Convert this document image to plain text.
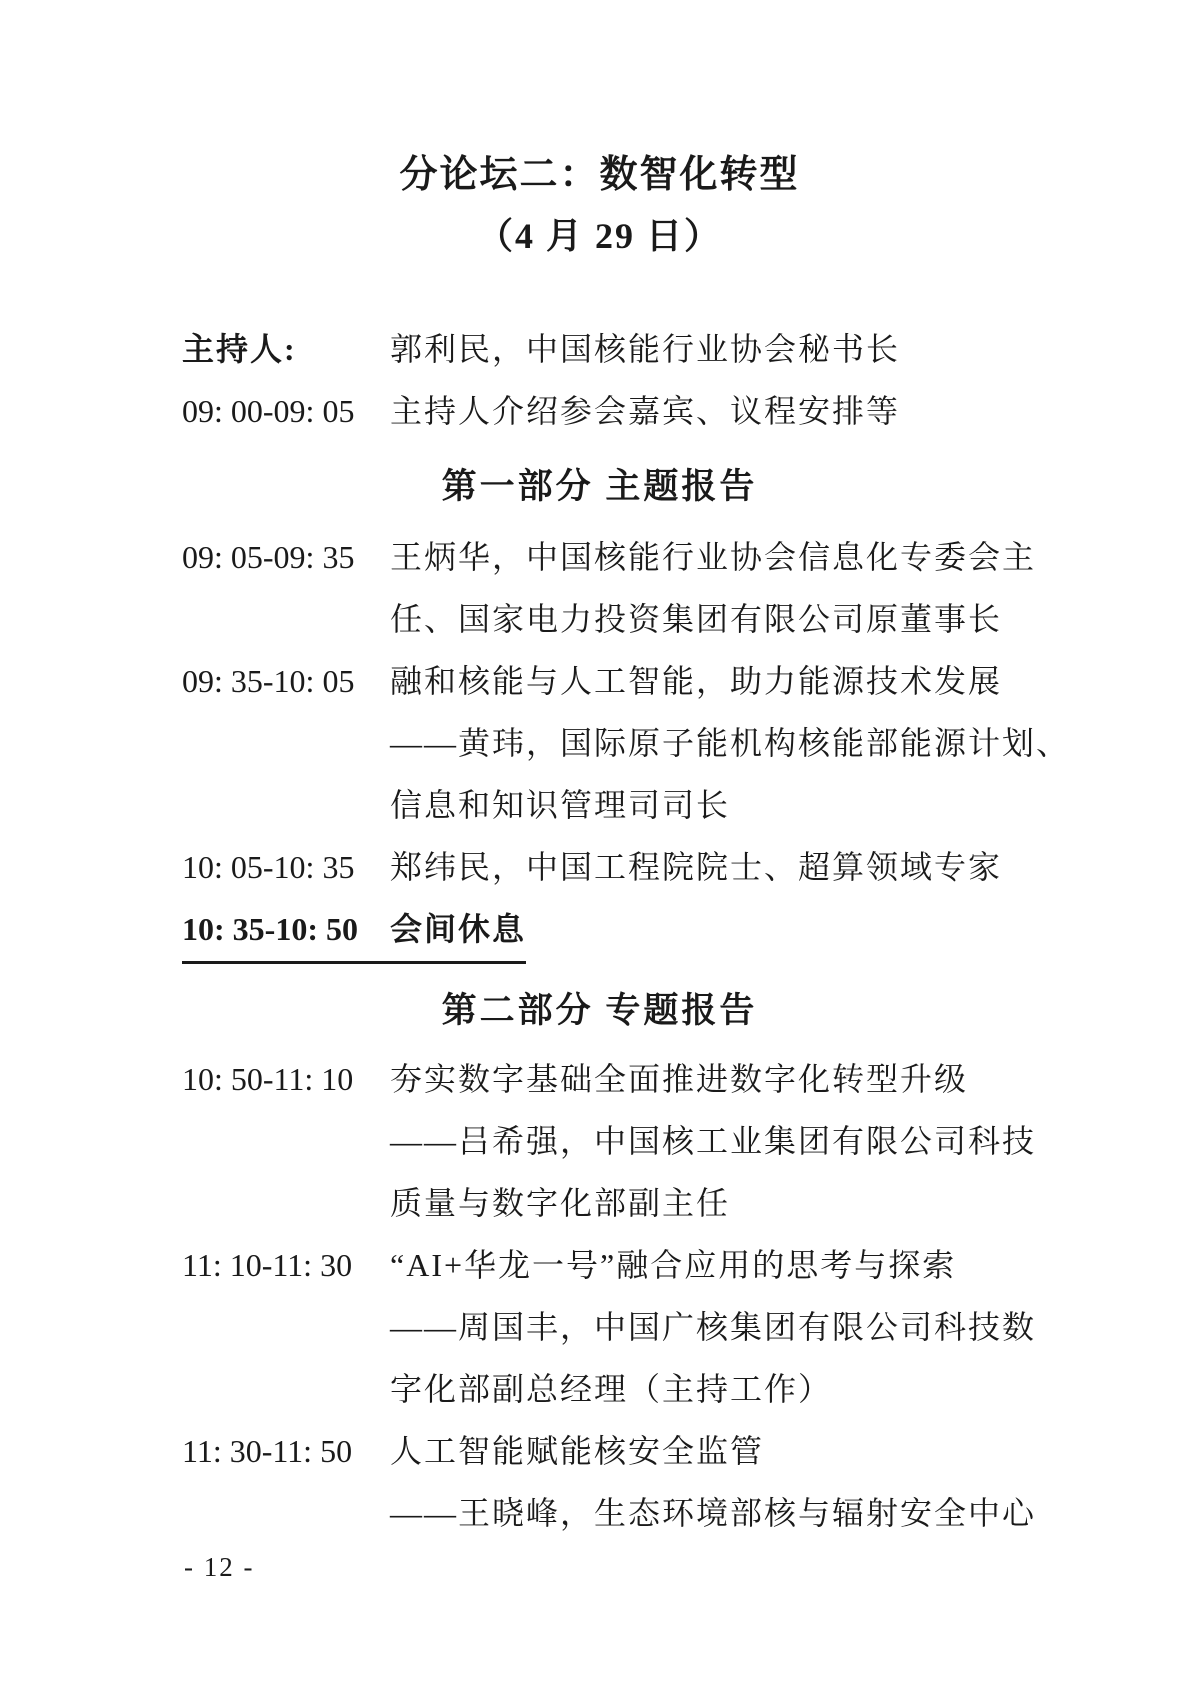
分论坛二：数智化转型
（4 月 29 日）
主持人:	郭利民，中国核能行业协会秘书长
09: 00-09: 05	主持人介绍参会嘉宾、议程安排等
第一部分 主题报告
09: 05-09: 35	王炳华，中国核能行业协会信息化专委会主
任、国家电力投资集团有限公司原董事长
09: 35-10: 05	融和核能与人工智能，助力能源技术发展
——黄玮，国际原子能机构核能部能源计划、
信息和知识管理司司长
10: 05-10: 35	郑纬民，中国工程院院士、超算领域专家
10: 35-10: 50	会间休息
第二部分 专题报告
10: 50-11: 10	夯实数字基础全面推进数字化转型升级
——吕希强，中国核工业集团有限公司科技
质量与数字化部副主任
11: 10-11: 30	“AI+华龙一号”融合应用的思考与探索
——周国丰，中国广核集团有限公司科技数
字化部副总经理（主持工作）
11: 30-11: 50	人工智能赋能核安全监管
——王晓峰，生态环境部核与辐射安全中心
- 12 -
